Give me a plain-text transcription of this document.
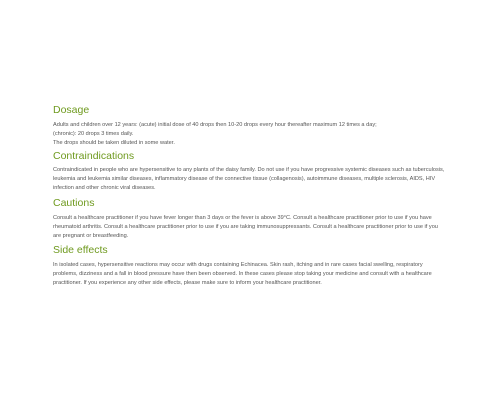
Dosage

Adults and children over 12 years: (acute) initial dose of 40 drops then 10-20 drops every hour thereafter maximum 12 times a day;
(chronic): 20 drops 3 times daily.
The drops should be taken diluted in some water.

Contraindications

Contraindicated in people who are hypersensitive to any plants of the daisy family. Do not use if you have progressive systemic diseases such as tuberculosis,
leukemia and leukemia similar diseases, inflammatory disease of the connective tissue (collagenosis), autoimmune diseases, multiple sclerosis, AIDS, HIV
infection and other chronic viral diseases.

Cautions

Consult a healthcare practitioner if you have fever longer than 3 days or the fever is above 39°C. Consult a healthcare practitioner prior to use if you have
rheumatoid arthritis. Consult a healthcare practitioner prior to use if you are taking immunosuppressants. Consult a healthcare practitioner prior to use if you
are pregnant or breastfeeding.

Side effects

In isolated cases, hypersensitive reactions may occur with drugs containing Echinacea. Skin rash, itching and in rare cases facial swelling, respiratory
problems, dizziness and a fall in blood pressure have then been observed. In these cases please stop taking your medicine and consult with a healthcare
practitioner. If you experience any other side effects, please make sure to inform your healthcare practitioner.
